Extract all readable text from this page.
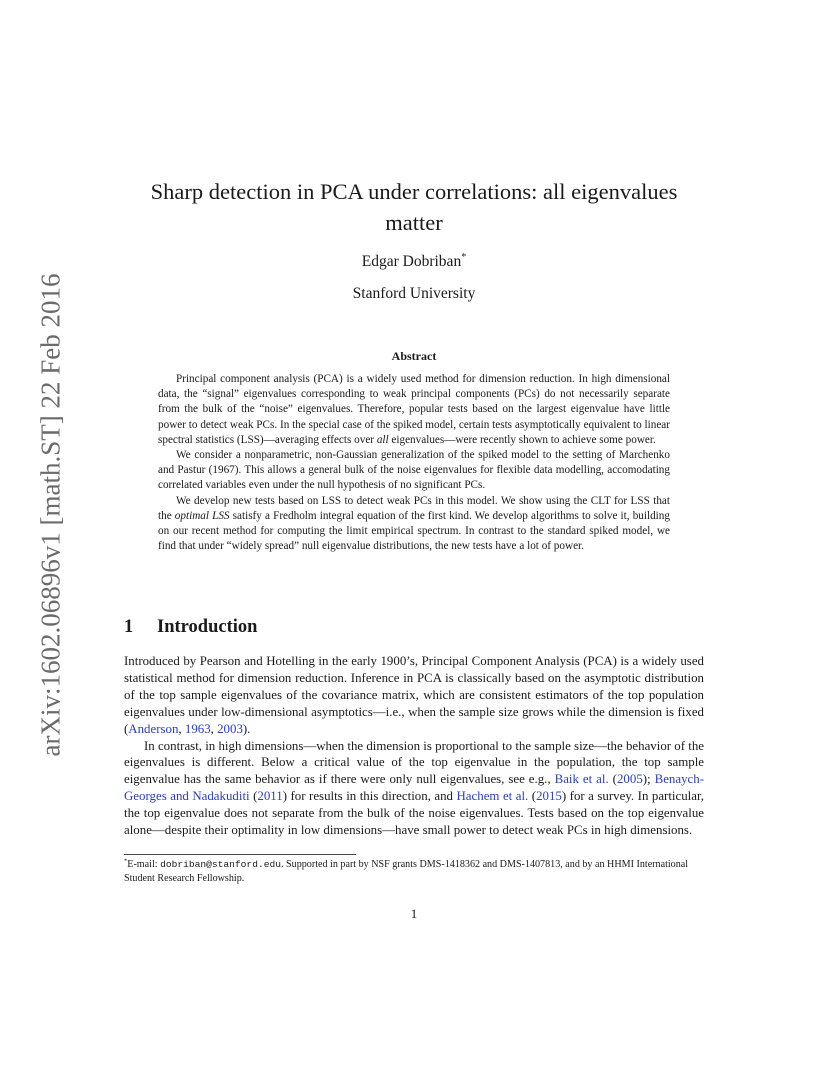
arXiv:1602.06896v1 [math.ST] 22 Feb 2016
Sharp detection in PCA under correlations: all eigenvalues matter
Edgar Dobriban*
Stanford University
Abstract

Principal component analysis (PCA) is a widely used method for dimension reduction. In high dimensional data, the “signal” eigenvalues corresponding to weak principal components (PCs) do not necessarily separate from the bulk of the “noise” eigenvalues. Therefore, popular tests based on the largest eigenvalue have little power to detect weak PCs. In the special case of the spiked model, certain tests asymptotically equivalent to linear spectral statistics (LSS)—averaging effects over all eigenvalues—were recently shown to achieve some power.

We consider a nonparametric, non-Gaussian generalization of the spiked model to the setting of Marchenko and Pastur (1967). This allows a general bulk of the noise eigenvalues for flexible data modelling, accomodating correlated variables even under the null hypothesis of no significant PCs.

We develop new tests based on LSS to detect weak PCs in this model. We show using the CLT for LSS that the optimal LSS satisfy a Fredholm integral equation of the first kind. We develop algorithms to solve it, building on our recent method for computing the limit empirical spectrum. In contrast to the standard spiked model, we find that under “widely spread” null eigenvalue distributions, the new tests have a lot of power.

1 Introduction

Introduced by Pearson and Hotelling in the early 1900’s, Principal Component Analysis (PCA) is a widely used statistical method for dimension reduction. Inference in PCA is classically based on the asymptotic distribution of the top sample eigenvalues of the covariance matrix, which are consistent estimators of the top population eigenvalues under low-dimensional asymptotics—i.e., when the sample size grows while the dimension is fixed (Anderson, 1963, 2003).

In contrast, in high dimensions—when the dimension is proportional to the sample size—the behavior of the eigenvalues is different. Below a critical value of the top eigenvalue in the population, the top sample eigenvalue has the same behavior as if there were only null eigenvalues, see e.g., Baik et al. (2005); Benaych-Georges and Nadakuditi (2011) for results in this direction, and Hachem et al. (2015) for a survey. In particular, the top eigenvalue does not separate from the bulk of the noise eigenvalues. Tests based on the top eigenvalue alone—despite their optimality in low dimensions—have small power to detect weak PCs in high dimensions.

*E-mail: dobriban@stanford.edu. Supported in part by NSF grants DMS-1418362 and DMS-1407813, and by an HHMI International Student Research Fellowship.
1
